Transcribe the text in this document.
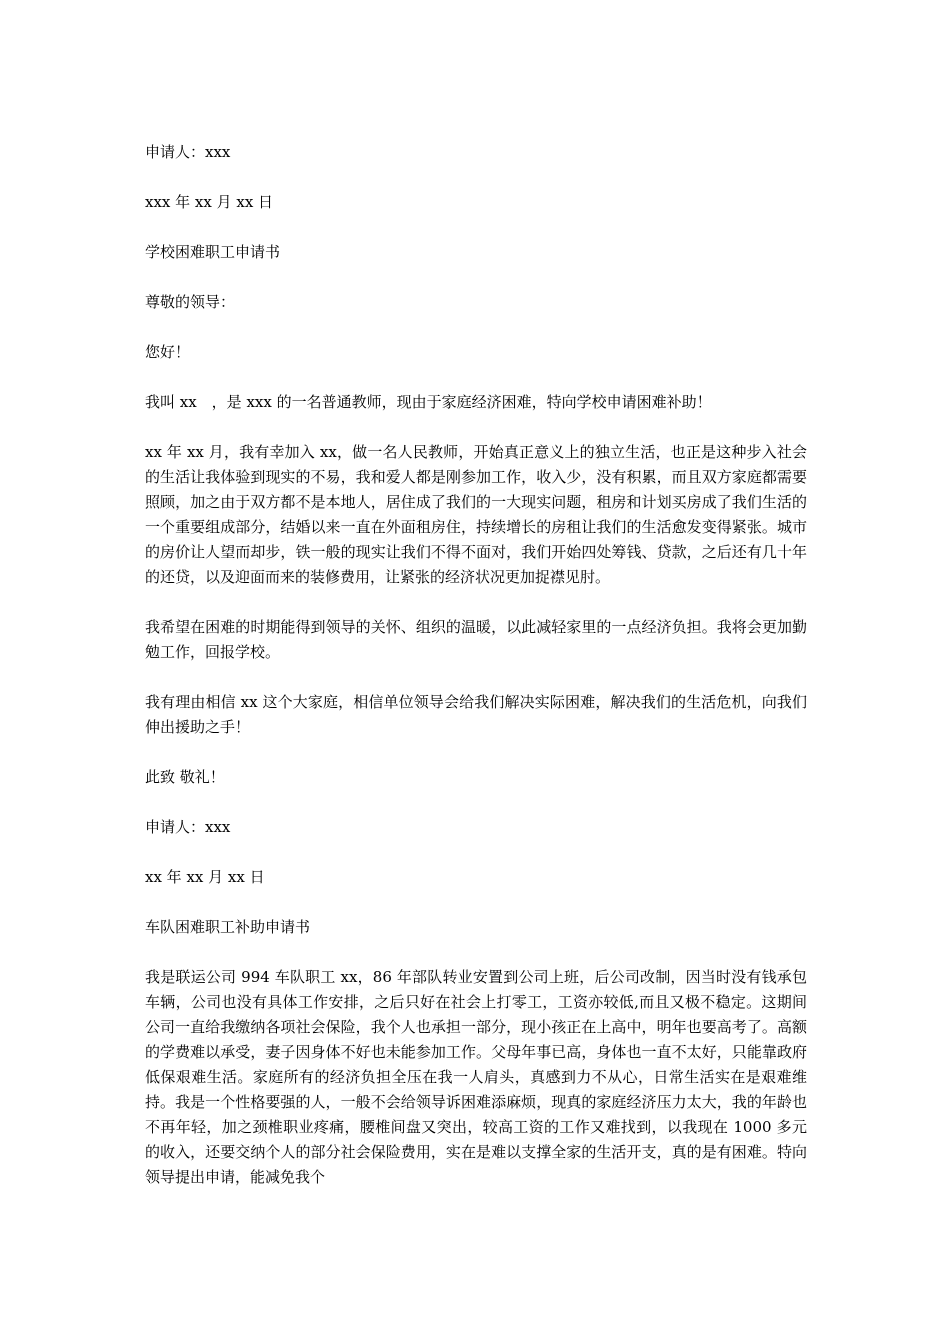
申请人：xxx

xxx 年 xx 月 xx 日

学校困难职工申请书

尊敬的领导：

您好！

我叫 xx　，是 xxx 的一名普通教师，现由于家庭经济困难，特向学校申请困难补助！

xx 年 xx 月，我有幸加入 xx，做一名人民教师，开始真正意义上的独立生活，也正是这种步入社会的生活让我体验到现实的不易，我和爱人都是刚参加工作，收入少，没有积累，而且双方家庭都需要照顾，加之由于双方都不是本地人，居住成了我们的一大现实问题，租房和计划买房成了我们生活的一个重要组成部分，结婚以来一直在外面租房住，持续增长的房租让我们的生活愈发变得紧张。城市的房价让人望而却步，铁一般的现实让我们不得不面对，我们开始四处筹钱、贷款，之后还有几十年的还贷，以及迎面而来的装修费用，让紧张的经济状况更加捉襟见肘。

我希望在困难的时期能得到领导的关怀、组织的温暖，以此减轻家里的一点经济负担。我将会更加勤勉工作，回报学校。

我有理由相信 xx 这个大家庭，相信单位领导会给我们解决实际困难，解决我们的生活危机，向我们伸出援助之手！

此致 敬礼！

申请人：xxx

xx 年 xx 月 xx 日

车队困难职工补助申请书

我是联运公司 994 车队职工 xx，86 年部队转业安置到公司上班，后公司改制，因当时没有钱承包车辆，公司也没有具体工作安排，之后只好在社会上打零工，工资亦较低,而且又极不稳定。这期间公司一直给我缴纳各项社会保险，我个人也承担一部分，现小孩正在上高中，明年也要高考了。高额的学费难以承受，妻子因身体不好也未能参加工作。父母年事已高，身体也一直不太好，只能靠政府低保艰难生活。家庭所有的经济负担全压在我一人肩头，真感到力不从心，日常生活实在是艰难维持。我是一个性格要强的人，一般不会给领导诉困难添麻烦，现真的家庭经济压力太大，我的年龄也不再年轻，加之颈椎职业疼痛，腰椎间盘又突出，较高工资的工作又难找到，以我现在 1000 多元的收入，还要交纳个人的部分社会保险费用，实在是难以支撑全家的生活开支，真的是有困难。特向领导提出申请，能减免我个
